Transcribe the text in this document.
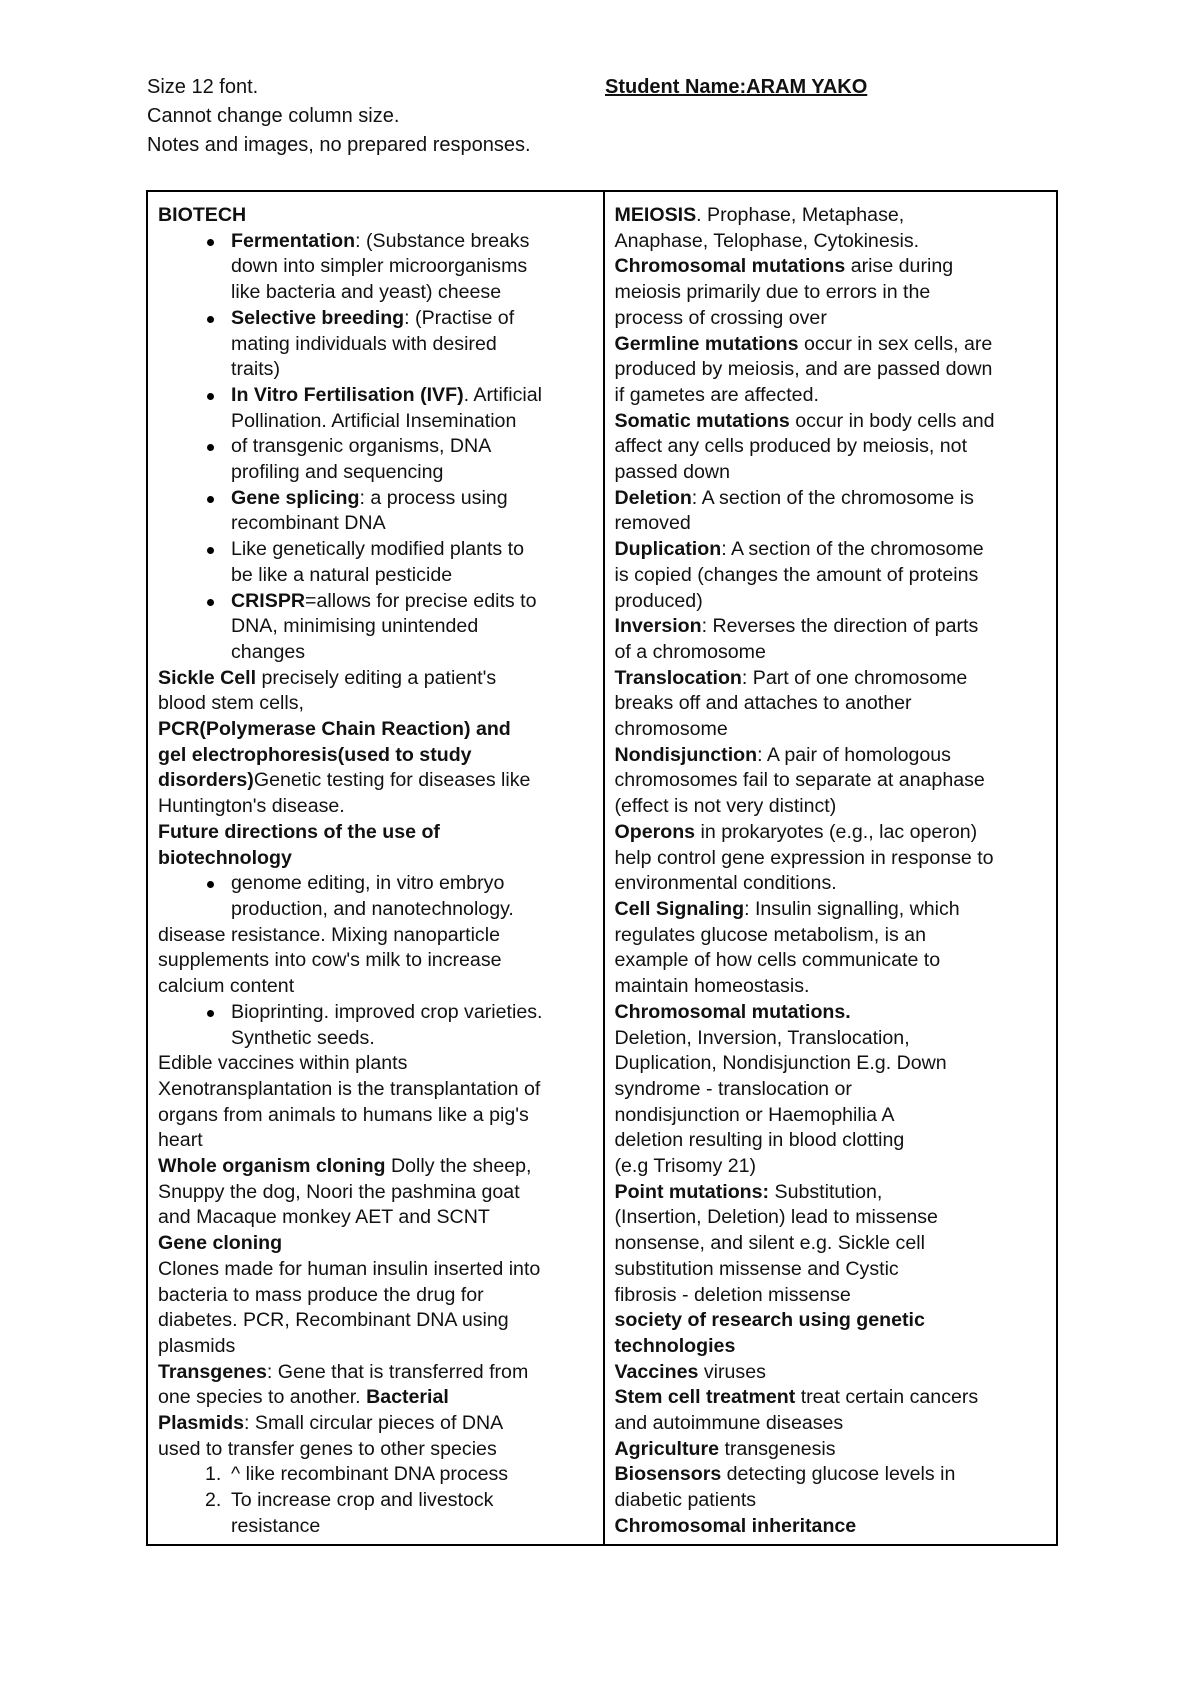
Size 12 font.	Student Name:ARAM YAKO
Cannot change column size.
Notes and images, no prepared responses.
BIOTECH
Fermentation: (Substance breaks
down into simpler microorganisms
like bacteria and yeast) cheese
Selective breeding: (Practise of
mating individuals with desired
traits)
In Vitro Fertilisation (IVF). Artificial
Pollination. Artificial Insemination
of transgenic organisms, DNA
profiling and sequencing
Gene splicing: a process using
recombinant DNA
Like genetically modified plants to
be like a natural pesticide
CRISPR=allows for precise edits to
DNA, minimising unintended
changes
Sickle Cell precisely editing a patient's
blood stem cells,
PCR(Polymerase Chain Reaction) and
gel electrophoresis(used to study
disorders)Genetic testing for diseases like
Huntington's disease.
Future directions of the use of
biotechnology
genome editing, in vitro embryo
production, and nanotechnology.
disease resistance. Mixing nanoparticle
supplements into cow's milk to increase
calcium content
Bioprinting. improved crop varieties.
Synthetic seeds.
Edible vaccines within plants
Xenotransplantation is the transplantation of
organs from animals to humans like a pig's
heart
Whole organism cloning Dolly the sheep,
Snuppy the dog, Noori the pashmina goat
and Macaque monkey AET and SCNT
Gene cloning
Clones made for human insulin inserted into
bacteria to mass produce the drug for
diabetes. PCR, Recombinant DNA using
plasmids
Transgenes: Gene that is transferred from
one species to another. Bacterial
Plasmids: Small circular pieces of DNA
used to transfer genes to other species
1. ^ like recombinant DNA process
2. To increase crop and livestock
resistance
MEIOSIS. Prophase, Metaphase,
Anaphase, Telophase, Cytokinesis.
Chromosomal mutations arise during
meiosis primarily due to errors in the
process of crossing over
Germline mutations occur in sex cells, are
produced by meiosis, and are passed down
if gametes are affected.
Somatic mutations occur in body cells and
affect any cells produced by meiosis, not
passed down
Deletion: A section of the chromosome is
removed
Duplication: A section of the chromosome
is copied (changes the amount of proteins
produced)
Inversion: Reverses the direction of parts
of a chromosome
Translocation: Part of one chromosome
breaks off and attaches to another
chromosome
Nondisjunction: A pair of homologous
chromosomes fail to separate at anaphase
(effect is not very distinct)
Operons in prokaryotes (e.g., lac operon)
help control gene expression in response to
environmental conditions.
Cell Signaling: Insulin signalling, which
regulates glucose metabolism, is an
example of how cells communicate to
maintain homeostasis.
Chromosomal mutations.
Deletion, Inversion, Translocation,
Duplication, Nondisjunction E.g. Down
syndrome - translocation or
nondisjunction or Haemophilia A
deletion resulting in blood clotting
(e.g Trisomy 21)
Point mutations: Substitution,
(Insertion, Deletion) lead to missense
nonsense, and silent e.g. Sickle cell
substitution missense and Cystic
fibrosis - deletion missense
society of research using genetic
technologies
Vaccines viruses
Stem cell treatment treat certain cancers
and autoimmune diseases
Agriculture transgenesis
Biosensors detecting glucose levels in
diabetic patients
Chromosomal inheritance
